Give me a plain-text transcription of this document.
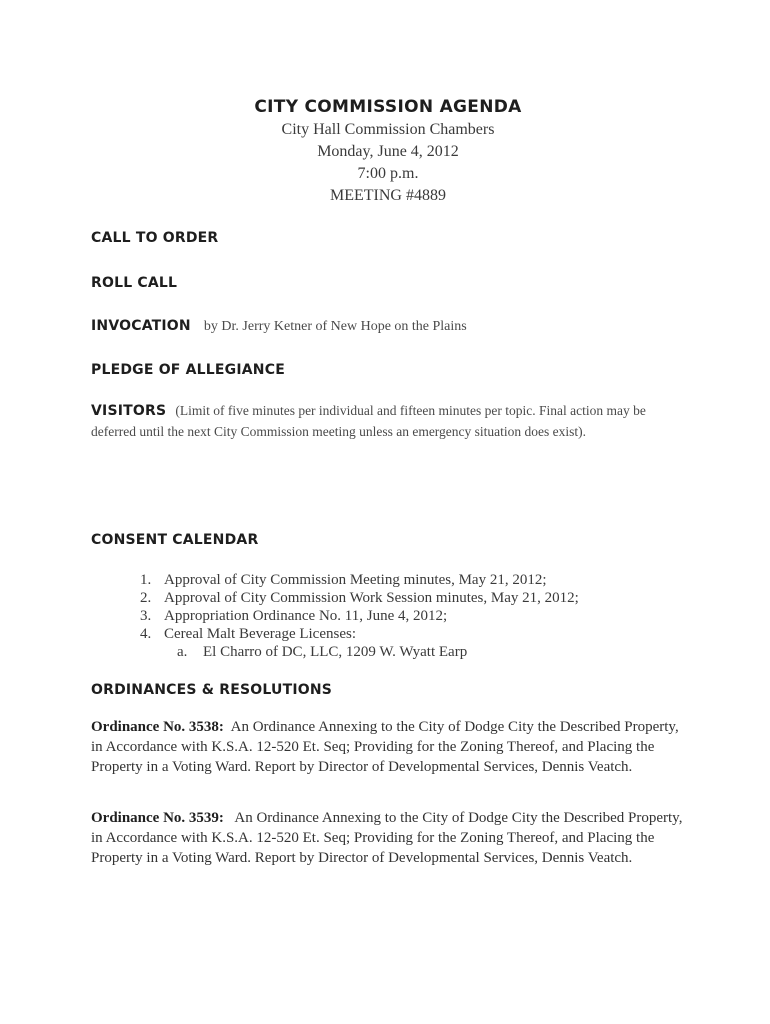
CITY COMMISSION AGENDA
City Hall Commission Chambers
Monday, June 4, 2012
7:00 p.m.
MEETING #4889
CALL TO ORDER
ROLL CALL
INVOCATION by Dr. Jerry Ketner of New Hope on the Plains
PLEDGE OF ALLEGIANCE
VISITORS (Limit of five minutes per individual and fifteen minutes per topic. Final action may be
deferred until the next City Commission meeting unless an emergency situation does exist).
CONSENT CALENDAR
1. Approval of City Commission Meeting minutes, May 21, 2012;
2. Approval of City Commission Work Session minutes, May 21, 2012;
3. Appropriation Ordinance No. 11, June 4, 2012;
4. Cereal Malt Beverage Licenses:
a.	El Charro of DC, LLC, 1209 W. Wyatt Earp
ORDINANCES & RESOLUTIONS
Ordinance No. 3538: An Ordinance Annexing to the City of Dodge City the Described Property, in Accordance with K.S.A. 12-520 Et. Seq; Providing for the Zoning Thereof, and Placing the Property in a Voting Ward. Report by Director of Developmental Services, Dennis Veatch.
Ordinance No. 3539: An Ordinance Annexing to the City of Dodge City the Described Property, in Accordance with K.S.A. 12-520 Et. Seq; Providing for the Zoning Thereof, and Placing the Property in a Voting Ward. Report by Director of Developmental Services, Dennis Veatch.
